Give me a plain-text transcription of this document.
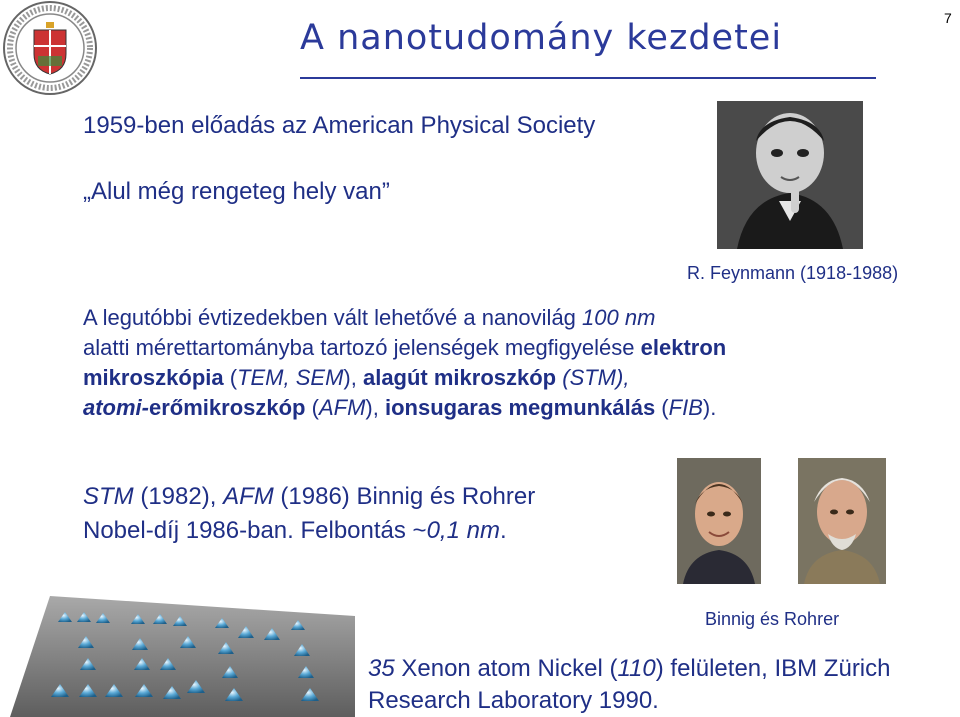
A nanotudomány kezdetei	7
1959-ben előadás az American Physical Society
„Alul még rengeteg hely van”
R. Feynmann (1918-1988)
A legutóbbi évtizedekben vált lehetővé a nanovilág 100 nm
alatti mérettartományba tartozó jelenségek megfigyelése elektron
mikroszkópia (TEM, SEM), alagút mikroszkóp (STM),
atomi-erőmikroszkóp (AFM), ionsugaras megmunkálás (FIB).
STM (1982), AFM (1986) Binnig és Rohrer
Nobel-díj 1986-ban. Felbontás ~0,1 nm.
Binnig és Rohrer
35 Xenon atom Nickel (110) felületen, IBM Zürich
Research Laboratory 1990.
